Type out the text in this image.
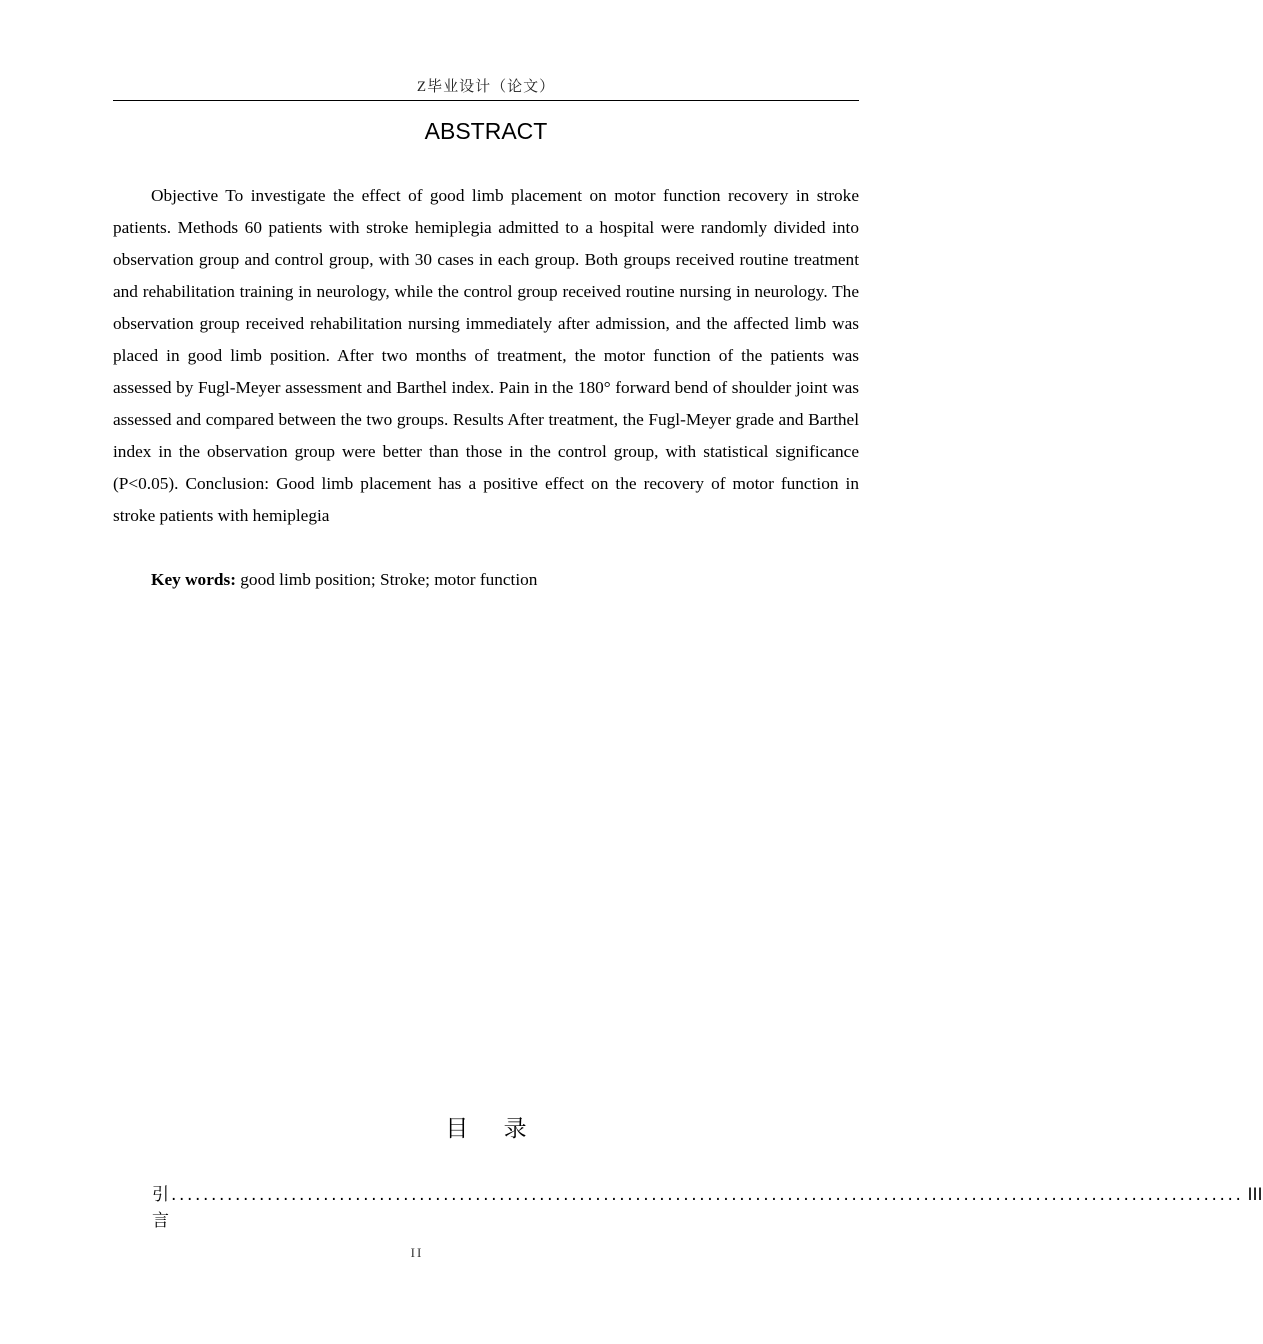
Z毕业设计（论文）
ABSTRACT

Objective To investigate the effect of good limb placement on motor function recovery in stroke patients. Methods 60 patients with stroke hemiplegia admitted to a hospital were randomly divided into observation group and control group, with 30 cases in each group. Both groups received routine treatment and rehabilitation training in neurology, while the control group received routine nursing in neurology. The observation group received rehabilitation nursing immediately after admission, and the affected limb was placed in good limb position. After two months of treatment, the motor function of the patients was assessed by Fugl-Meyer assessment and Barthel index. Pain in the 180° forward bend of shoulder joint was assessed and compared between the two groups. Results After treatment, the Fugl-Meyer grade and Barthel index in the observation group were better than those in the control group, with statistical significance (P<0.05). Conclusion: Good limb placement has a positive effect on the recovery of motor function in stroke patients with hemiplegia

Key words: good limb position; Stroke; motor function

目 录
引言
...................................................................................................................................... III
II
